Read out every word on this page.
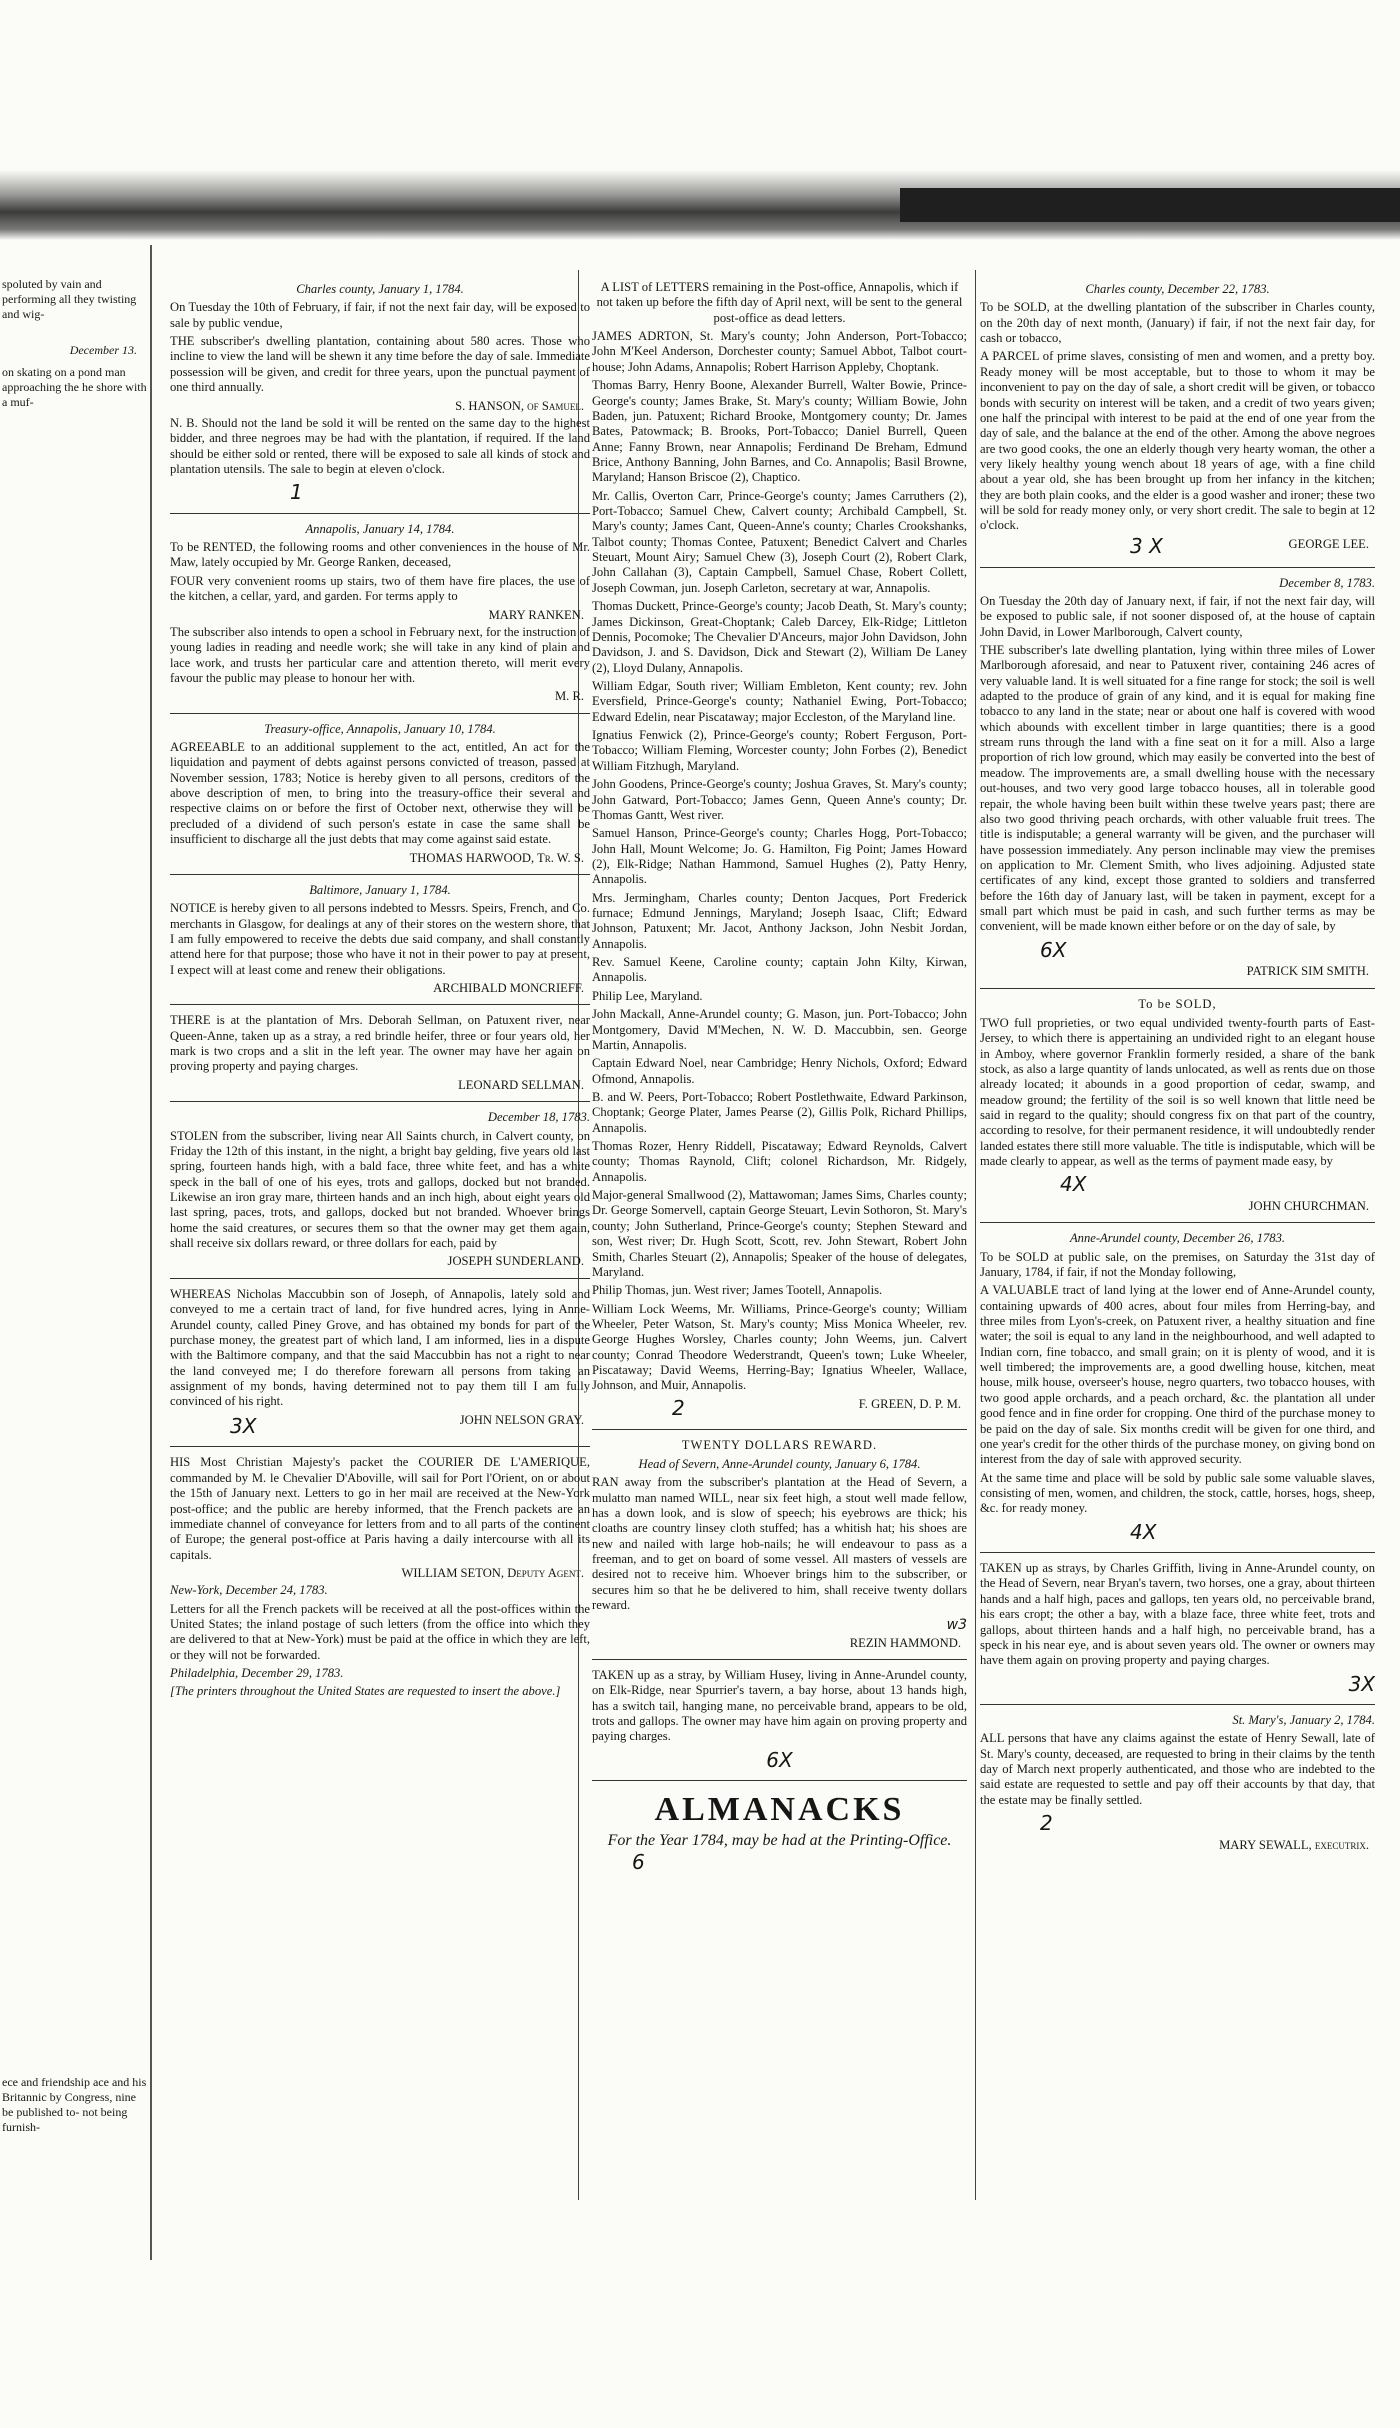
spoluted by vain and performing all they twisting and wig-
December 13.
on skating on a pond man approaching the he shore with a muf-
ece and friendship ace and his Britannic by Congress, nine be published to- not being furnish-
Charles county, January 1, 1784.

On Tuesday the 10th of February, if fair, if not the next fair day, will be exposed to sale by public vendue,

THE subscriber's dwelling plantation, containing about 580 acres. Those who incline to view the land will be shewn it any time before the day of sale. Immediate possession will be given, and credit for three years, upon the punctual payment of one third annually.

S. HANSON, of Samuel.

N. B. Should not the land be sold it will be rented on the same day to the highest bidder, and three negroes may be had with the plantation, if required. If the land should be either sold or rented, there will be exposed to sale all kinds of stock and plantation utensils. The sale to begin at eleven o'clock.

1
Annapolis, January 14, 1784.

To be RENTED, the following rooms and other conveniences in the house of Mr. Maw, lately occupied by Mr. George Ranken, deceased,

FOUR very convenient rooms up stairs, two of them have fire places, the use of the kitchen, a cellar, yard, and garden. For terms apply to

MARY RANKEN.

The subscriber also intends to open a school in February next, for the instruction of young ladies in reading and needle work; she will take in any kind of plain and lace work, and trusts her particular care and attention thereto, will merit every favour the public may please to honour her with.

M. R.
Treasury-office, Annapolis, January 10, 1784.

AGREEABLE to an additional supplement to the act, entitled, An act for the liquidation and payment of debts against persons convicted of treason, passed at November session, 1783; Notice is hereby given to all persons, creditors of the above description of men, to bring into the treasury-office their several and respective claims on or before the first of October next, otherwise they will be precluded of a dividend of such person's estate in case the same shall be insufficient to discharge all the just debts that may come against said estate.

THOMAS HARWOOD, Tr. W. S.
Baltimore, January 1, 1784.

NOTICE is hereby given to all persons indebted to Messrs. Speirs, French, and Co. merchants in Glasgow, for dealings at any of their stores on the western shore, that I am fully empowered to receive the debts due said company, and shall constantly attend here for that purpose; those who have it not in their power to pay at present, I expect will at least come and renew their obligations.

ARCHIBALD MONCRIEFF.

THERE is at the plantation of Mrs. Deborah Sellman, on Patuxent river, near Queen-Anne, taken up as a stray, a red brindle heifer, three or four years old, her mark is two crops and a slit in the left year. The owner may have her again on proving property and paying charges.

LEONARD SELLMAN.
December 18, 1783.

STOLEN from the subscriber, living near All Saints church, in Calvert county, on Friday the 12th of this instant, in the night, a bright bay gelding, five years old last spring, fourteen hands high, with a bald face, three white feet, and has a white speck in the ball of one of his eyes, trots and gallops, docked but not branded. Likewise an iron gray mare, thirteen hands and an inch high, about eight years old last spring, paces, trots, and gallops, docked but not branded. Whoever brings home the said creatures, or secures them so that the owner may get them again, shall receive six dollars reward, or three dollars for each, paid by

JOSEPH SUNDERLAND.

WHEREAS Nicholas Maccubbin son of Joseph, of Annapolis, lately sold and conveyed to me a certain tract of land, for five hundred acres, lying in Anne-Arundel county, called Piney Grove, and has obtained my bonds for part of the purchase money, the greatest part of which land, I am informed, lies in a dispute with the Baltimore company, and that the said Maccubbin has not a right to near the land conveyed me; I do therefore forewarn all persons from taking an assignment of my bonds, having determined not to pay them till I am fully convinced of his right.

JOHN NELSON GRAY.
3X

HIS Most Christian Majesty's packet the COURIER DE L'AMERIQUE, commanded by M. le Chevalier D'Aboville, will sail for Port l'Orient, on or about the 15th of January next. Letters to go in her mail are received at the New-York post-office; and the public are hereby informed, that the French packets are an immediate channel of conveyance for letters from and to all parts of the continent of Europe; the general post-office at Paris having a daily intercourse with all its capitals.

WILLIAM SETON, Deputy Agent.
New-York, December 24, 1783.

Letters for all the French packets will be received at all the post-offices within the United States; the inland postage of such letters (from the office into which they are delivered to that at New-York) must be paid at the office in which they are left, or they will not be forwarded.

Philadelphia, December 29, 1783.

[The printers throughout the United States are requested to insert the above.]

A LIST of LETTERS remaining in the Post-office, Annapolis, which if not taken up before the fifth day of April next, will be sent to the general post-office as dead letters.

JAMES ADRTON, St. Mary's county; John Anderson, Port-Tobacco; John M'Keel Anderson, Dorchester county; Samuel Abbot, Talbot court-house; John Adams, Annapolis; Robert Harrison Appleby, Choptank.

Thomas Barry, Henry Boone, Alexander Burrell, Walter Bowie, Prince-George's county; James Brake, St. Mary's county; William Bowie, John Baden, jun. Patuxent; Richard Brooke, Montgomery county; Dr. James Bates, Patowmack; B. Brooks, Port-Tobacco; Daniel Burrell, Queen Anne; Fanny Brown, near Annapolis; Ferdinand De Breham, Edmund Brice, Anthony Banning, John Barnes, and Co. Annapolis; Basil Browne, Maryland; Hanson Briscoe (2), Chaptico.

Mr. Callis, Overton Carr, Prince-George's county; James Carruthers (2), Port-Tobacco; Samuel Chew, Calvert county; Archibald Campbell, St. Mary's county; James Cant, Queen-Anne's county; Charles Crookshanks, Talbot county; Thomas Contee, Patuxent; Benedict Calvert and Charles Steuart, Mount Airy; Samuel Chew (3), Joseph Court (2), Robert Clark, John Callahan (3), Captain Campbell, Samuel Chase, Robert Collett, Joseph Cowman, jun. Joseph Carleton, secretary at war, Annapolis.

Thomas Duckett, Prince-George's county; Jacob Death, St. Mary's county; James Dickinson, Great-Choptank; Caleb Darcey, Elk-Ridge; Littleton Dennis, Pocomoke; The Chevalier D'Anceurs, major John Davidson, John Davidson, J. and S. Davidson, Dick and Stewart (2), William De Laney (2), Lloyd Dulany, Annapolis.

William Edgar, South river; William Embleton, Kent county; rev. John Eversfield, Prince-George's county; Nathaniel Ewing, Port-Tobacco; Edward Edelin, near Piscataway; major Eccleston, of the Maryland line.

Ignatius Fenwick (2), Prince-George's county; Robert Ferguson, Port-Tobacco; William Fleming, Worcester county; John Forbes (2), Benedict William Fitzhugh, Maryland.

John Goodens, Prince-George's county; Joshua Graves, St. Mary's county; John Gatward, Port-Tobacco; James Genn, Queen Anne's county; Dr. Thomas Gantt, West river.

Samuel Hanson, Prince-George's county; Charles Hogg, Port-Tobacco; John Hall, Mount Welcome; Jo. G. Hamilton, Fig Point; James Howard (2), Elk-Ridge; Nathan Hammond, Samuel Hughes (2), Patty Henry, Annapolis.

Mrs. Jermingham, Charles county; Denton Jacques, Port Frederick furnace; Edmund Jennings, Maryland; Joseph Isaac, Clift; Edward Johnson, Patuxent; Mr. Jacot, Anthony Jackson, John Nesbit Jordan, Annapolis.

Rev. Samuel Keene, Caroline county; captain John Kilty, Kirwan, Annapolis.

Philip Lee, Maryland.

John Mackall, Anne-Arundel county; G. Mason, jun. Port-Tobacco; John Montgomery, David M'Mechen, N. W. D. Maccubbin, sen. George Martin, Annapolis.

Captain Edward Noel, near Cambridge; Henry Nichols, Oxford; Edward Ofmond, Annapolis.

B. and W. Peers, Port-Tobacco; Robert Postlethwaite, Edward Parkinson, Choptank; George Plater, James Pearse (2), Gillis Polk, Richard Phillips, Annapolis.

Thomas Rozer, Henry Riddell, Piscataway; Edward Reynolds, Calvert county; Thomas Raynold, Clift; colonel Richardson, Mr. Ridgely, Annapolis.

Major-general Smallwood (2), Mattawoman; James Sims, Charles county; Dr. George Somervell, captain George Steuart, Levin Sothoron, St. Mary's county; John Sutherland, Prince-George's county; Stephen Steward and son, West river; Dr. Hugh Scott, Scott, rev. John Stewart, Robert John Smith, Charles Steuart (2), Annapolis; Speaker of the house of delegates, Maryland.

Philip Thomas, jun. West river; James Tootell, Annapolis.

William Lock Weems, Mr. Williams, Prince-George's county; William Wheeler, Peter Watson, St. Mary's county; Miss Monica Wheeler, rev. George Hughes Worsley, Charles county; John Weems, jun. Calvert county; Conrad Theodore Wederstrandt, Queen's town; Luke Wheeler, Piscataway; David Weems, Herring-Bay; Ignatius Wheeler, Wallace, Johnson, and Muir, Annapolis.

F. GREEN, D. P. M.
2
TWENTY DOLLARS REWARD.
Head of Severn, Anne-Arundel county, January 6, 1784.

RAN away from the subscriber's plantation at the Head of Severn, a mulatto man named WILL, near six feet high, a stout well made fellow, has a down look, and is slow of speech; his eyebrows are thick; his cloaths are country linsey cloth stuffed; has a whitish hat; his shoes are new and nailed with large hob-nails; he will endeavour to pass as a freeman, and to get on board of some vessel. All masters of vessels are desired not to receive him. Whoever brings him to the subscriber, or secures him so that he be delivered to him, shall receive twenty dollars reward.

w3
REZIN HAMMOND.

TAKEN up as a stray, by William Husey, living in Anne-Arundel county, on Elk-Ridge, near Spurrier's tavern, a bay horse, about 13 hands high, has a switch tail, hanging mane, no perceivable brand, appears to be old, trots and gallops. The owner may have him again on proving property and paying charges.

6X
ALMANACKS
For the Year 1784, may be had at the Printing-Office.
6
Charles county, December 22, 1783.

To be SOLD, at the dwelling plantation of the subscriber in Charles county, on the 20th day of next month, (January) if fair, if not the next fair day, for cash or tobacco,

A PARCEL of prime slaves, consisting of men and women, and a pretty boy. Ready money will be most acceptable, but to those to whom it may be inconvenient to pay on the day of sale, a short credit will be given, or tobacco bonds with security on interest will be taken, and a credit of two years given; one half the principal with interest to be paid at the end of one year from the day of sale, and the balance at the end of the other. Among the above negroes are two good cooks, the one an elderly though very hearty woman, the other a very likely healthy young wench about 18 years of age, with a fine child about a year old, she has been brought up from her infancy in the kitchen; they are both plain cooks, and the elder is a good washer and ironer; these two will be sold for ready money only, or very short credit. The sale to begin at 12 o'clock.

GEORGE LEE.
3 X
December 8, 1783.

On Tuesday the 20th day of January next, if fair, if not the next fair day, will be exposed to public sale, if not sooner disposed of, at the house of captain John David, in Lower Marlborough, Calvert county,

THE subscriber's late dwelling plantation, lying within three miles of Lower Marlborough aforesaid, and near to Patuxent river, containing 246 acres of very valuable land. It is well situated for a fine range for stock; the soil is well adapted to the produce of grain of any kind, and it is equal for making fine tobacco to any land in the state; near or about one half is covered with wood which abounds with excellent timber in large quantities; there is a good stream runs through the land with a fine seat on it for a mill. Also a large proportion of rich low ground, which may easily be converted into the best of meadow. The improvements are, a small dwelling house with the necessary out-houses, and two very good large tobacco houses, all in tolerable good repair, the whole having been built within these twelve years past; there are also two good thriving peach orchards, with other valuable fruit trees. The title is indisputable; a general warranty will be given, and the purchaser will have possession immediately. Any person inclinable may view the premises on application to Mr. Clement Smith, who lives adjoining. Adjusted state certificates of any kind, except those granted to soldiers and transferred before the 16th day of January last, will be taken in payment, except for a small part which must be paid in cash, and such further terms as may be convenient, will be made known either before or on the day of sale, by

6X
PATRICK SIM SMITH.
To be SOLD,

TWO full proprieties, or two equal undivided twenty-fourth parts of East-Jersey, to which there is appertaining an undivided right to an elegant house in Amboy, where governor Franklin formerly resided, a share of the bank stock, as also a large quantity of lands unlocated, as well as rents due on those already located; it abounds in a good proportion of cedar, swamp, and meadow ground; the fertility of the soil is so well known that little need be said in regard to the quality; should congress fix on that part of the country, according to resolve, for their permanent residence, it will undoubtedly render landed estates there still more valuable. The title is indisputable, which will be made clearly to appear, as well as the terms of payment made easy, by

4X
JOHN CHURCHMAN.
Anne-Arundel county, December 26, 1783.

To be SOLD at public sale, on the premises, on Saturday the 31st day of January, 1784, if fair, if not the Monday following,

A VALUABLE tract of land lying at the lower end of Anne-Arundel county, containing upwards of 400 acres, about four miles from Herring-bay, and three miles from Lyon's-creek, on Patuxent river, a healthy situation and fine water; the soil is equal to any land in the neighbourhood, and well adapted to Indian corn, fine tobacco, and small grain; on it is plenty of wood, and it is well timbered; the improvements are, a good dwelling house, kitchen, meat house, milk house, overseer's house, negro quarters, two tobacco houses, with two good apple orchards, and a peach orchard, &c. the plantation all under good fence and in fine order for cropping. One third of the purchase money to be paid on the day of sale. Six months credit will be given for one third, and one year's credit for the other thirds of the purchase money, on giving bond on interest from the day of sale with approved security.

At the same time and place will be sold by public sale some valuable slaves, consisting of men, women, and children, the stock, cattle, horses, hogs, sheep, &c. for ready money.

4X

TAKEN up as strays, by Charles Griffith, living in Anne-Arundel county, on the Head of Severn, near Bryan's tavern, two horses, one a gray, about thirteen hands and a half high, paces and gallops, ten years old, no perceivable brand, his ears cropt; the other a bay, with a blaze face, three white feet, trots and gallops, about thirteen hands and a half high, no perceivable brand, has a speck in his near eye, and is about seven years old. The owner or owners may have them again on proving property and paying charges.

3X
St. Mary's, January 2, 1784.

ALL persons that have any claims against the estate of Henry Sewall, late of St. Mary's county, deceased, are requested to bring in their claims by the tenth day of March next properly authenticated, and those who are indebted to the said estate are requested to settle and pay off their accounts by that day, that the estate may be finally settled.

2
MARY SEWALL, executrix.
